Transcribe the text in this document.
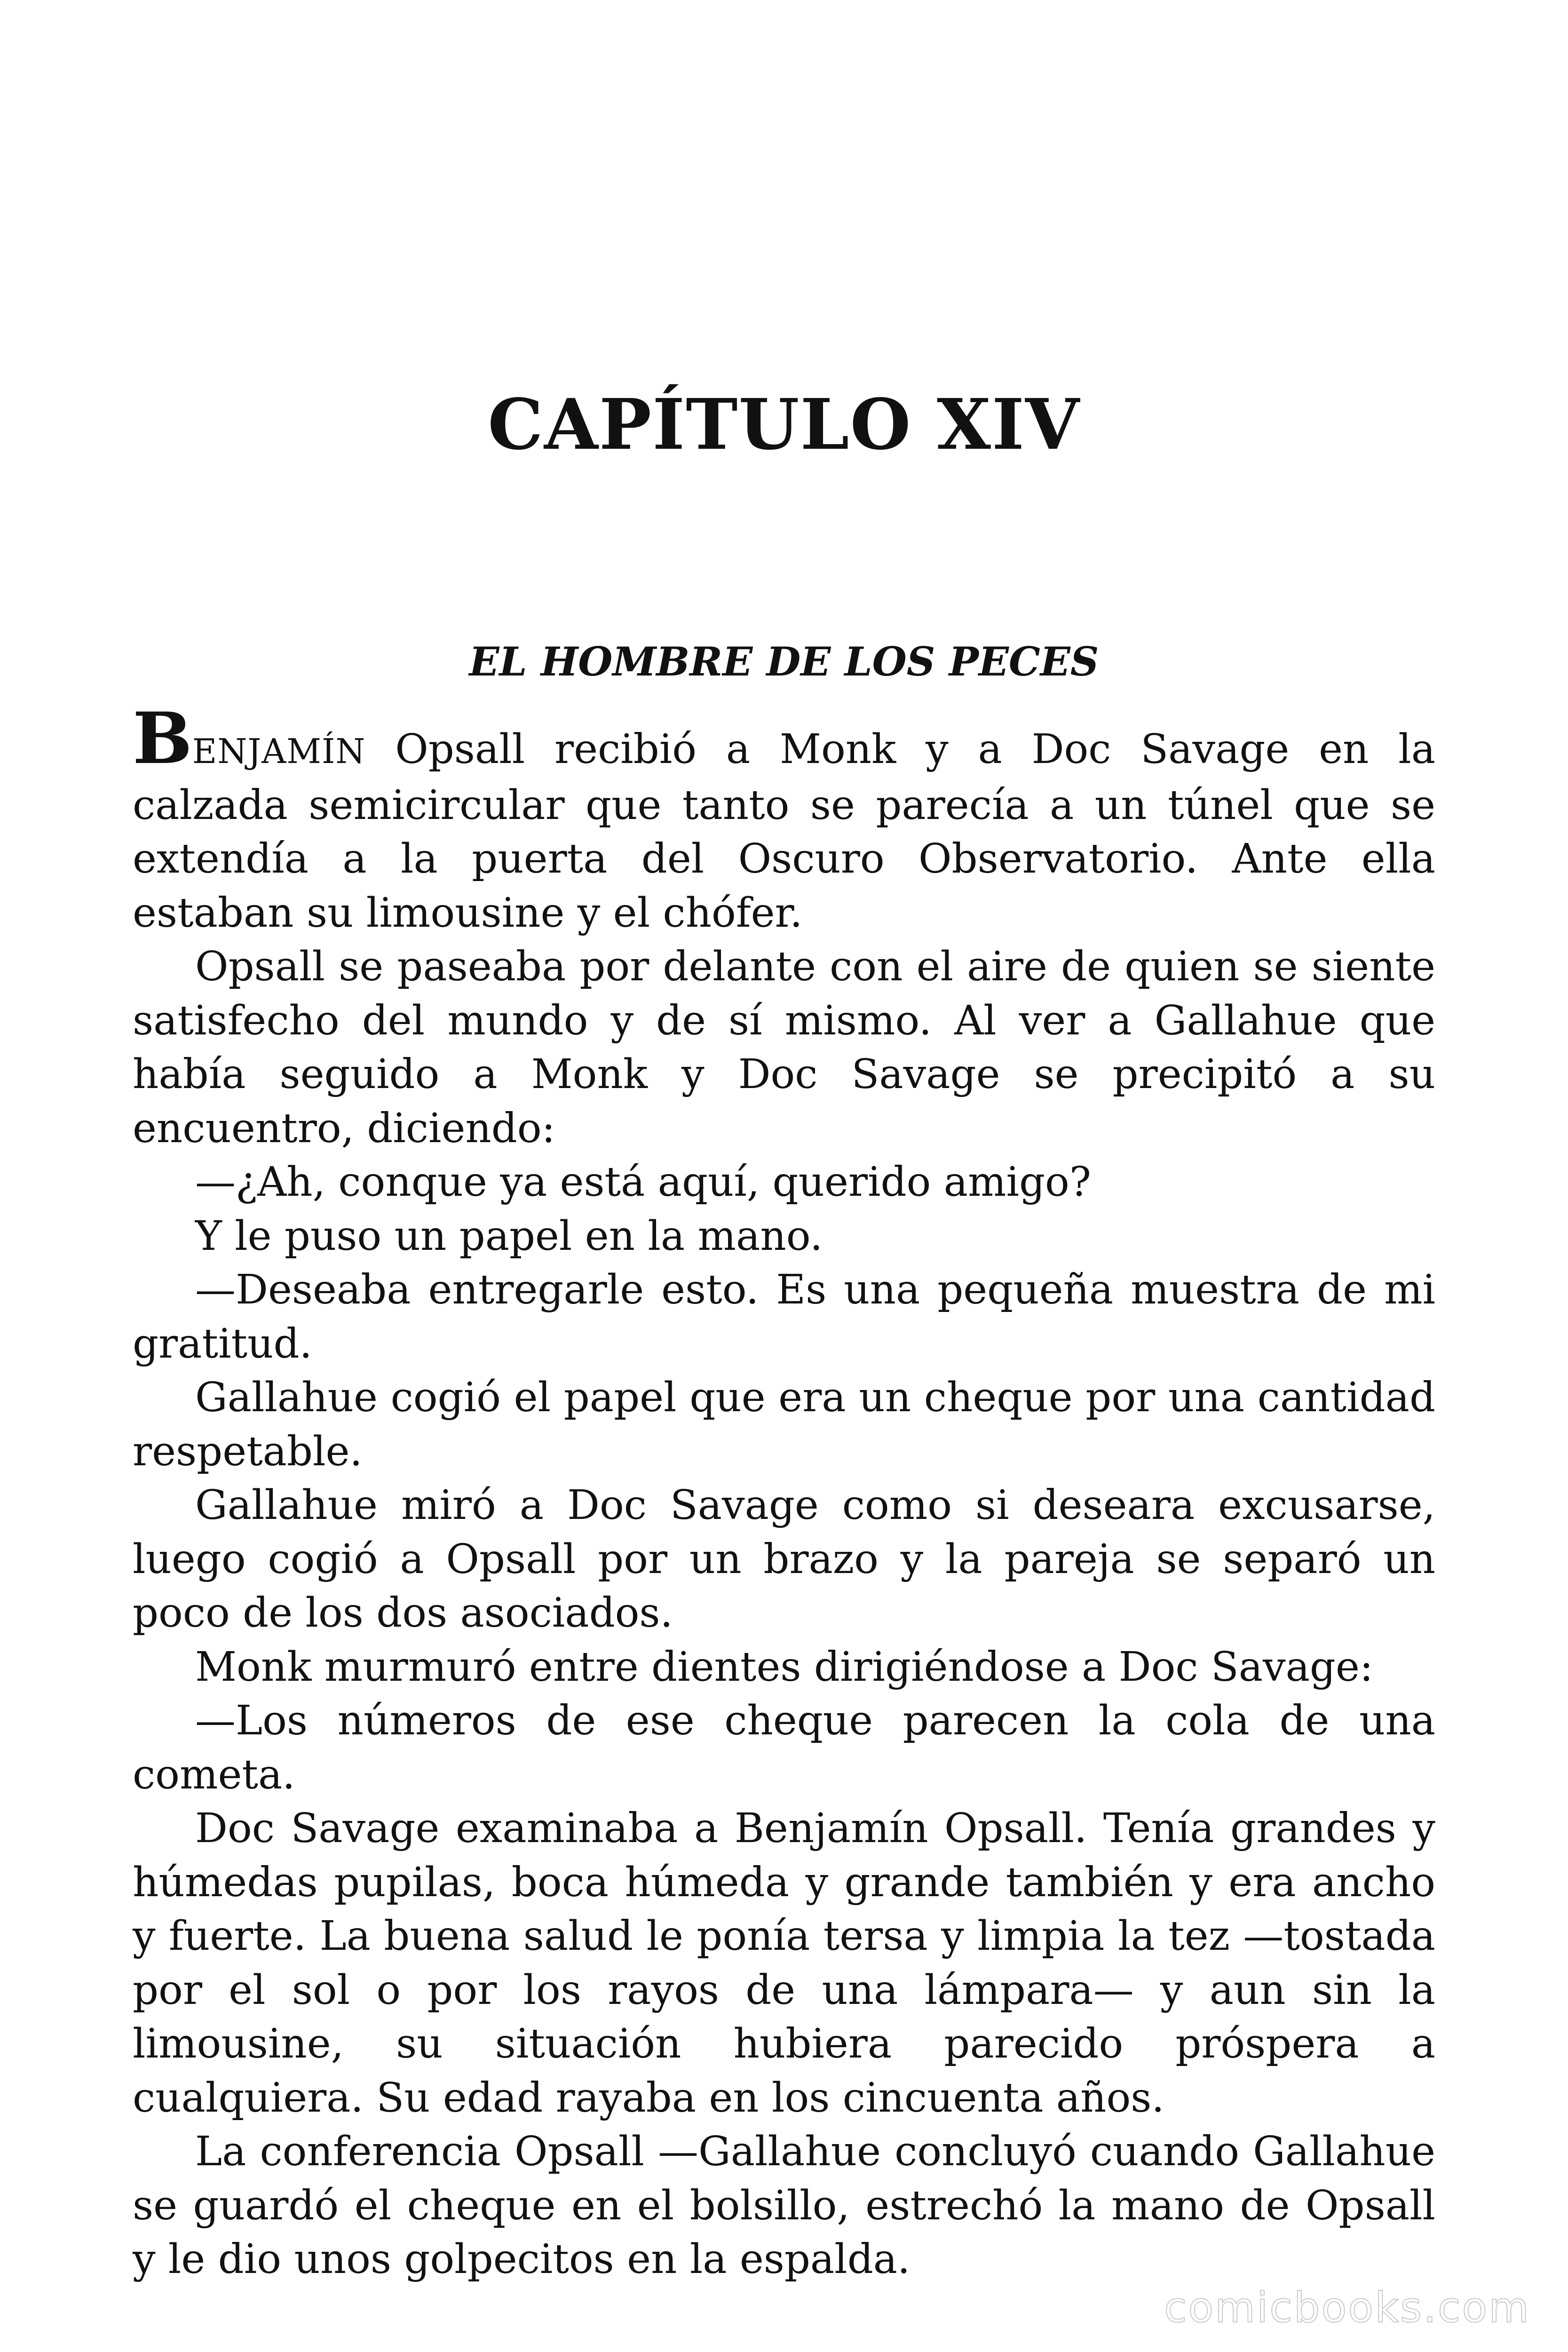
CAPÍTULO XIV
EL HOMBRE DE LOS PECES

BENJAMÍN Opsall recibió a Monk y a Doc Savage en la calzada semicircular que tanto se parecía a un túnel que se extendía a la puerta del Oscuro Observatorio. Ante ella estaban su limousine y el chófer.

Opsall se paseaba por delante con el aire de quien se siente satisfecho del mundo y de sí mismo. Al ver a Gallahue que había seguido a Monk y Doc Savage se precipitó a su encuentro, diciendo:

—¿Ah, conque ya está aquí, querido amigo?

Y le puso un papel en la mano.

—Deseaba entregarle esto. Es una pequeña muestra de mi gratitud.

Gallahue cogió el papel que era un cheque por una cantidad respetable.

Gallahue miró a Doc Savage como si deseara excusarse, luego cogió a Opsall por un brazo y la pareja se separó un poco de los dos asociados.

Monk murmuró entre dientes dirigiéndose a Doc Savage:

—Los números de ese cheque parecen la cola de una cometa.

Doc Savage examinaba a Benjamín Opsall. Tenía grandes y húmedas pupilas, boca húmeda y grande también y era ancho y fuerte. La buena salud le ponía tersa y limpia la tez —tostada por el sol o por los rayos de una lámpara— y aun sin la limousine, su situación hubiera parecido próspera a cualquiera. Su edad rayaba en los cincuenta años.

La conferencia Opsall —Gallahue concluyó cuando Gallahue se guardó el cheque en el bolsillo, estrechó la mano de Opsall y le dio unos golpecitos en la espalda.

comicbooks.com
